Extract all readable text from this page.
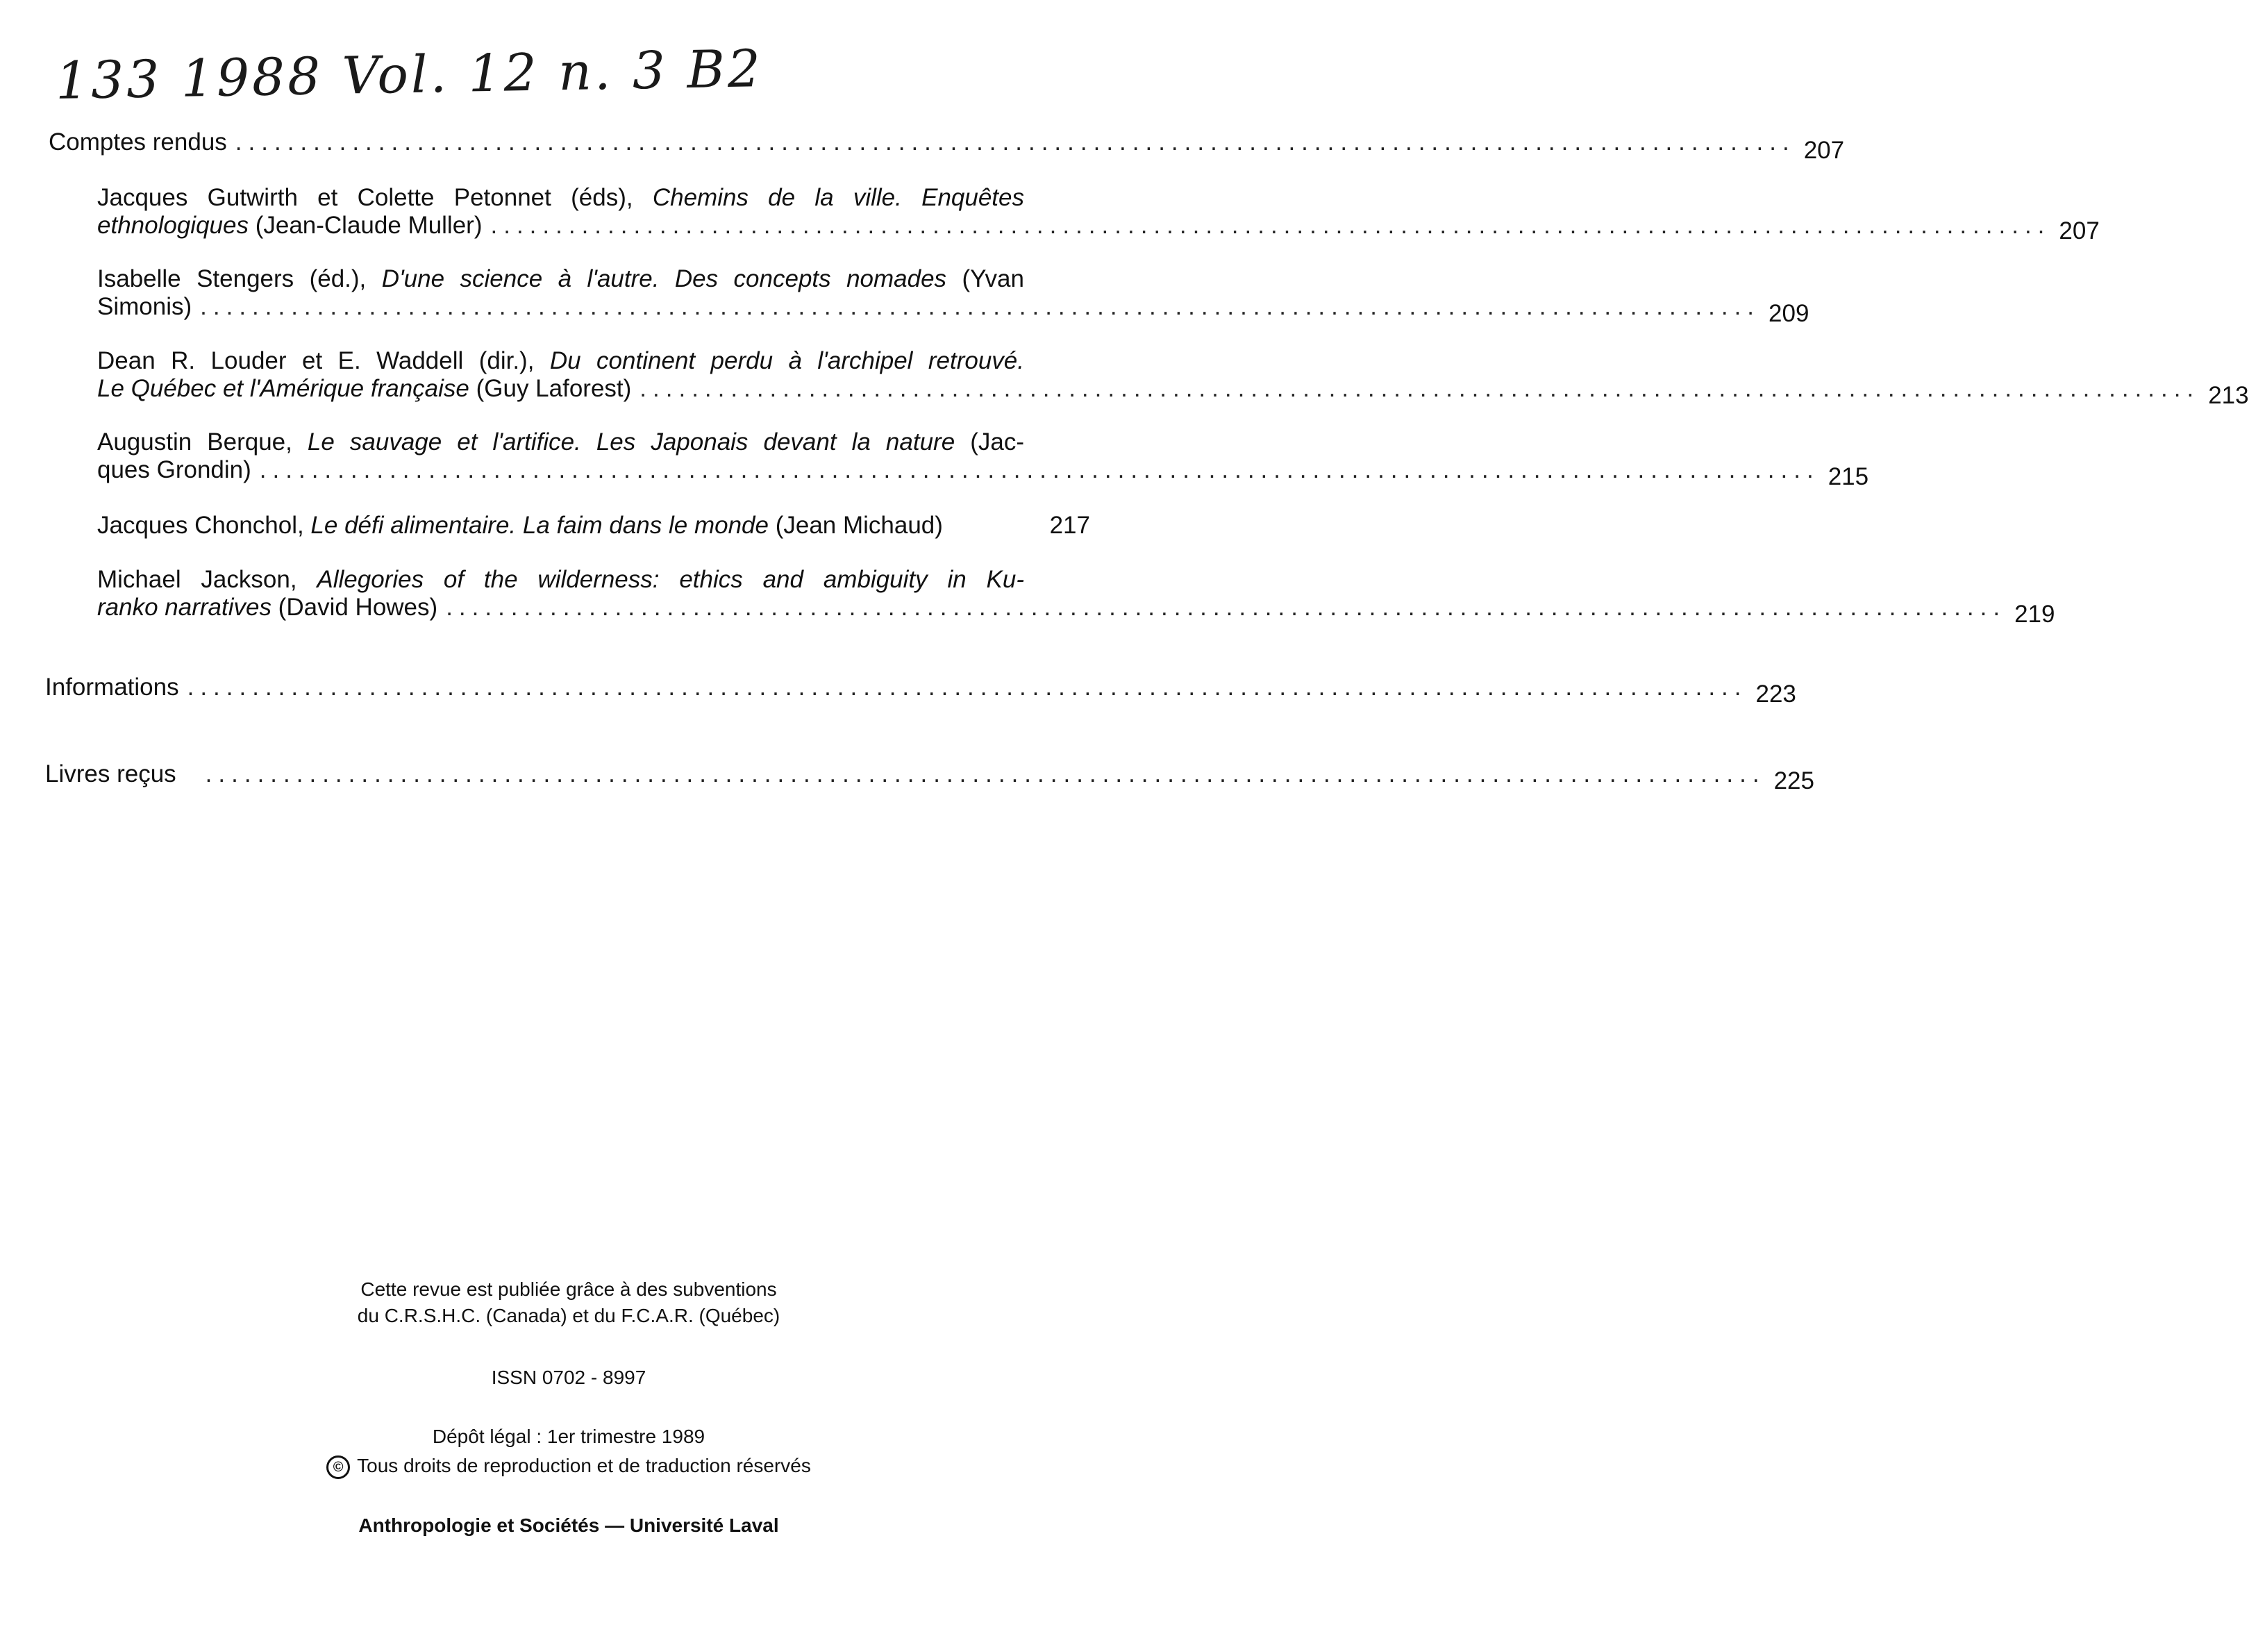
133 1988 Vol. 12 n. 3 B2
Comptes rendus ........................................................................................................................ 207
Jacques Gutwirth et Colette Petonnet (éds), Chemins de la ville. Enquêtes
ethnologiques (Jean-Claude Muller) ........................................................................................................................ 207
Isabelle Stengers (éd.), D'une science à l'autre. Des concepts nomades (Yvan
Simonis) ........................................................................................................................ 209
Dean R. Louder et E. Waddell (dir.), Du continent perdu à l'archipel retrouvé.
Le Québec et l'Amérique française (Guy Laforest) ........................................................................................................................ 213
Augustin Berque, Le sauvage et l'artifice. Les Japonais devant la nature (Jac-
ques Grondin) ........................................................................................................................ 215
Jacques Chonchol, Le défi alimentaire. La faim dans le monde (Jean Michaud)	217
Michael Jackson, Allegories of the wilderness: ethics and ambiguity in Ku-
ranko narratives (David Howes) ........................................................................................................................ 219
Informations ........................................................................................................................ 223
Livres reçus ........................................................................................................................ 225
Cette revue est publiée grâce à des subventions
du C.R.S.H.C. (Canada) et du F.C.A.R. (Québec)
ISSN 0702 - 8997
Dépôt légal : 1er trimestre 1989
© Tous droits de reproduction et de traduction réservés
Anthropologie et Sociétés — Université Laval
